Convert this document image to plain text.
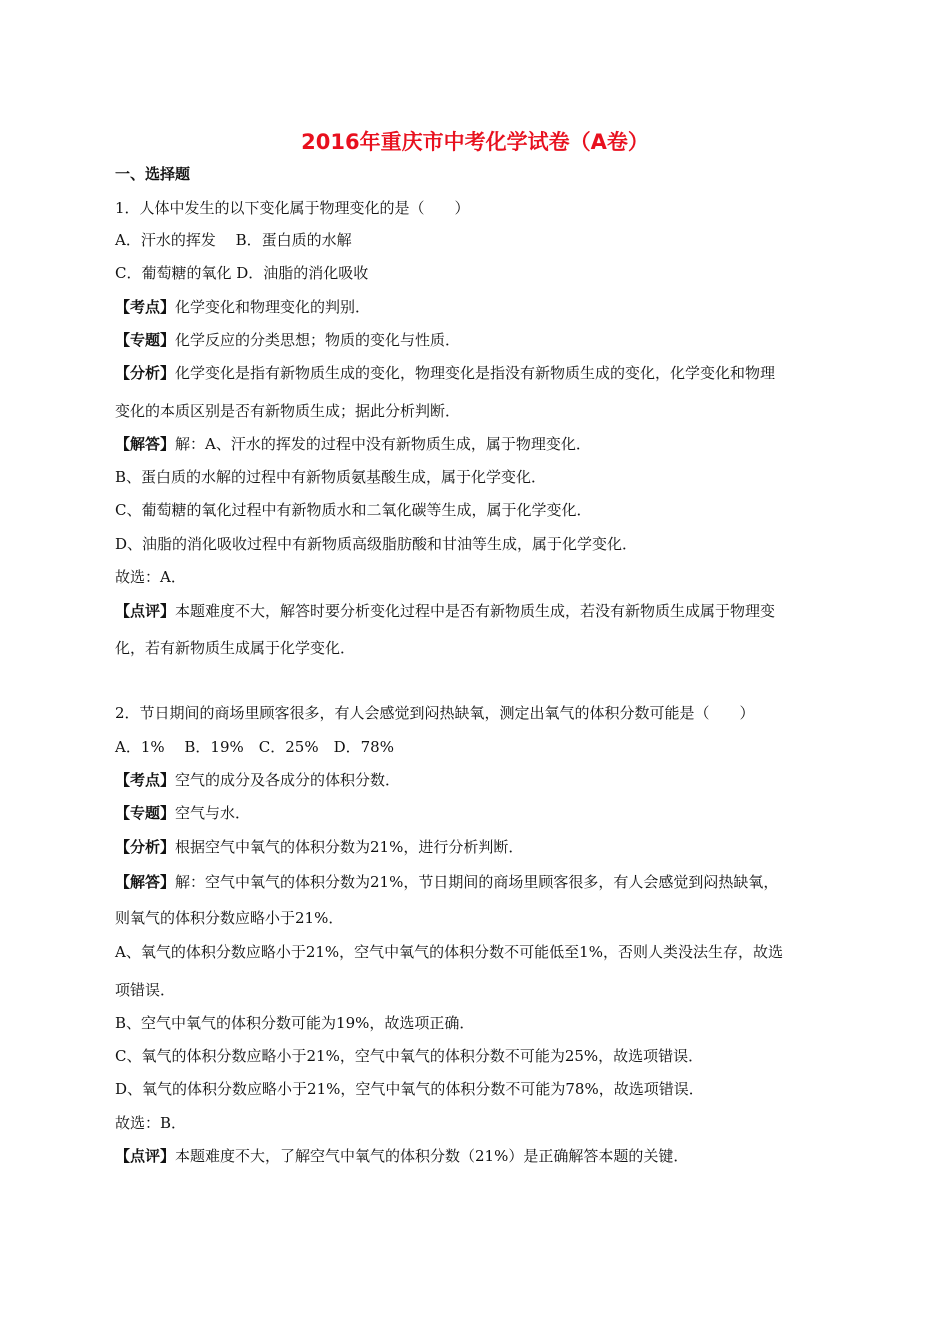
2016年重庆市中考化学试卷（A卷）
一、选择题
1．人体中发生的以下变化属于物理变化的是（　　）
A．汗水的挥发　 B．蛋白质的水解
C．葡萄糖的氧化 D．油脂的消化吸收
【考点】化学变化和物理变化的判别．
【专题】化学反应的分类思想；物质的变化与性质．
【分析】化学变化是指有新物质生成的变化，物理变化是指没有新物质生成的变化，化学变化和物理
变化的本质区别是否有新物质生成；据此分析判断．
【解答】解：A、汗水的挥发的过程中没有新物质生成，属于物理变化．
B、蛋白质的水解的过程中有新物质氨基酸生成，属于化学变化．
C、葡萄糖的氧化过程中有新物质水和二氧化碳等生成，属于化学变化．
D、油脂的消化吸收过程中有新物质高级脂肪酸和甘油等生成，属于化学变化．
故选：A．
【点评】本题难度不大，解答时要分析变化过程中是否有新物质生成，若没有新物质生成属于物理变
化，若有新物质生成属于化学变化．
2．节日期间的商场里顾客很多，有人会感觉到闷热缺氧，测定出氧气的体积分数可能是（　　）
A．1%　 B．19%　C．25%　D．78%
【考点】空气的成分及各成分的体积分数．
【专题】空气与水．
【分析】根据空气中氧气的体积分数为21%，进行分析判断．
【解答】解：空气中氧气的体积分数为21%，节日期间的商场里顾客很多，有人会感觉到闷热缺氧，
则氧气的体积分数应略小于21%．
A、氧气的体积分数应略小于21%，空气中氧气的体积分数不可能低至1%，否则人类没法生存，故选
项错误．
B、空气中氧气的体积分数可能为19%，故选项正确．
C、氧气的体积分数应略小于21%，空气中氧气的体积分数不可能为25%，故选项错误．
D、氧气的体积分数应略小于21%，空气中氧气的体积分数不可能为78%，故选项错误．
故选：B．
【点评】本题难度不大，了解空气中氧气的体积分数（21%）是正确解答本题的关键．
